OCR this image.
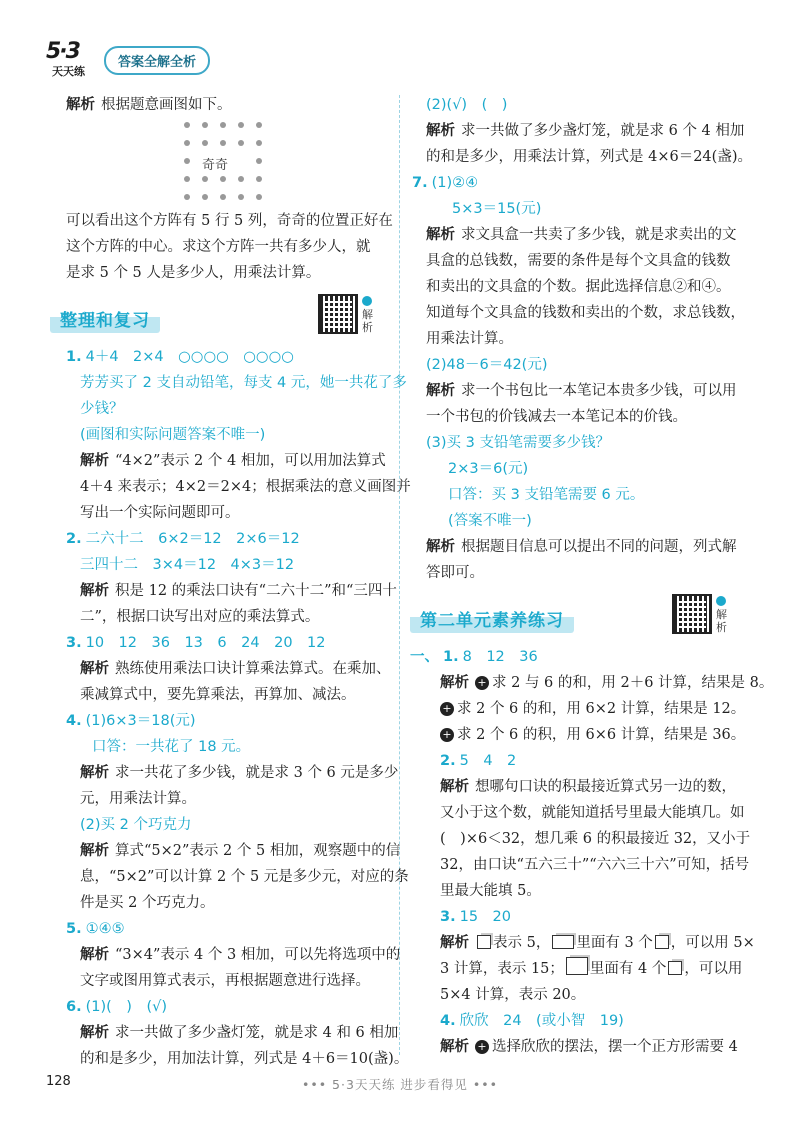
5·3
天天练
答案全解全析
解析 根据题意画图如下。
奇奇
可以看出这个方阵有 5 行 5 列，奇奇的位置正好在
这个方阵的中心。求这个方阵一共有多少人，就
是求 5 个 5 人是多少人，用乘法计算。
整理和复习	解析
1. 4＋4　2×4　○○○○　○○○○
芳芳买了 2 支自动铅笔，每支 4 元，她一共花了多
少钱？
(画图和实际问题答案不唯一)
解析 “4×2”表示 2 个 4 相加，可以用加法算式
4＋4 来表示；4×2＝2×4；根据乘法的意义画图并
写出一个实际问题即可。
2. 二六十二　6×2＝12　2×6＝12
三四十二　3×4＝12　4×3＝12
解析 积是 12 的乘法口诀有“二六十二”和“三四十
二”，根据口诀写出对应的乘法算式。
3. 10　12　36　13　6　24　20　12
解析 熟练使用乘法口诀计算乘法算式。在乘加、
乘减算式中，要先算乘法，再算加、减法。
4. (1)6×3＝18(元)
口答：一共花了 18 元。
解析 求一共花了多少钱，就是求 3 个 6 元是多少
元，用乘法计算。
(2)买 2 个巧克力
解析 算式“5×2”表示 2 个 5 相加，观察题中的信
息，“5×2”可以计算 2 个 5 元是多少元，对应的条
件是买 2 个巧克力。
5. ①④⑤
解析 “3×4”表示 4 个 3 相加，可以先将选项中的
文字或图用算式表示，再根据题意进行选择。
6. (1)(　)　(√)
解析 求一共做了多少盏灯笼，就是求 4 和 6 相加
的和是多少，用加法计算，列式是 4＋6＝10(盏)。
(2)(√)　(　)
解析 求一共做了多少盏灯笼，就是求 6 个 4 相加
的和是多少，用乘法计算，列式是 4×6＝24(盏)。
7. (1)②④
5×3＝15(元)
解析 求文具盒一共卖了多少钱，就是求卖出的文
具盒的总钱数，需要的条件是每个文具盒的钱数
和卖出的文具盒的个数。据此选择信息②和④。
知道每个文具盒的钱数和卖出的个数，求总钱数，
用乘法计算。
(2)48－6＝42(元)
解析 求一个书包比一本笔记本贵多少钱，可以用
一个书包的价钱减去一本笔记本的价钱。
(3)买 3 支铅笔需要多少钱？
2×3＝6(元)
口答：买 3 支铅笔需要 6 元。
(答案不唯一)
解析 根据题目信息可以提出不同的问题，列式解
答即可。
第二单元素养练习	解析
一、 1. 8　12　36
解析 + 求 2 与 6 的和，用 2＋6 计算，结果是 8。
+ 求 2 个 6 的和，用 6×2 计算，结果是 12。
+ 求 2 个 6 的积，用 6×6 计算，结果是 36。
2. 5　4　2
解析 想哪句口诀的积最接近算式另一边的数，
又小于这个数，就能知道括号里最大能填几。如
(　)×6＜32，想几乘 6 的积最接近 32，又小于
32，由口诀“五六三十”“六六三十六”可知，括号
里最大能填 5。
3. 15　20
解析 表示 5， 里面有 3 个 ，可以用 5×
3 计算，表示 15； 里面有 4 个 ，可以用
5×4 计算，表示 20。
4. 欣欣　24　(或小智　19)
解析 + 选择欣欣的摆法，摆一个正方形需要 4
128	••• 5·3天天练 进步看得见 •••
